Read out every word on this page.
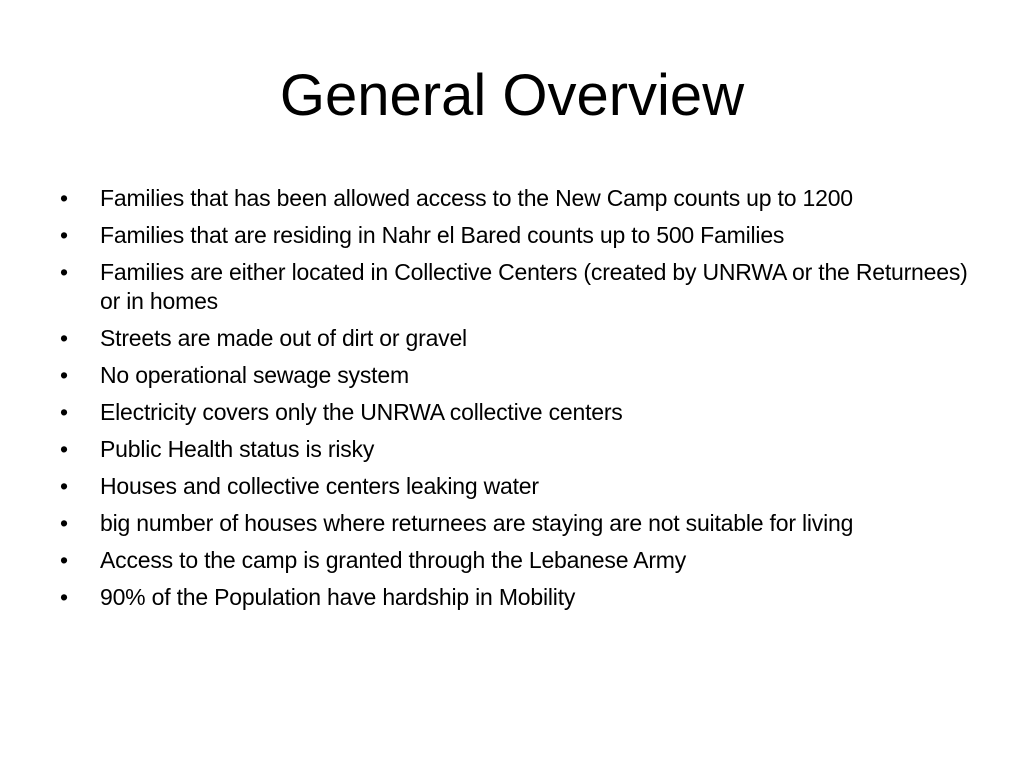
General Overview
•	Families that has been allowed access to the New Camp counts up to 1200
•	Families that are residing in Nahr el Bared counts up to 500 Families
•	Families are either located in Collective Centers (created by UNRWA or the Returnees) or in homes
•	Streets are made out of dirt or gravel
•	No operational sewage system
•	Electricity covers only the UNRWA collective centers
•	Public Health status is risky
•	Houses and collective centers leaking water
•	big number of houses where returnees are staying are not suitable for living
•	Access to the camp is granted through the Lebanese Army
•	90% of the Population have hardship in Mobility
